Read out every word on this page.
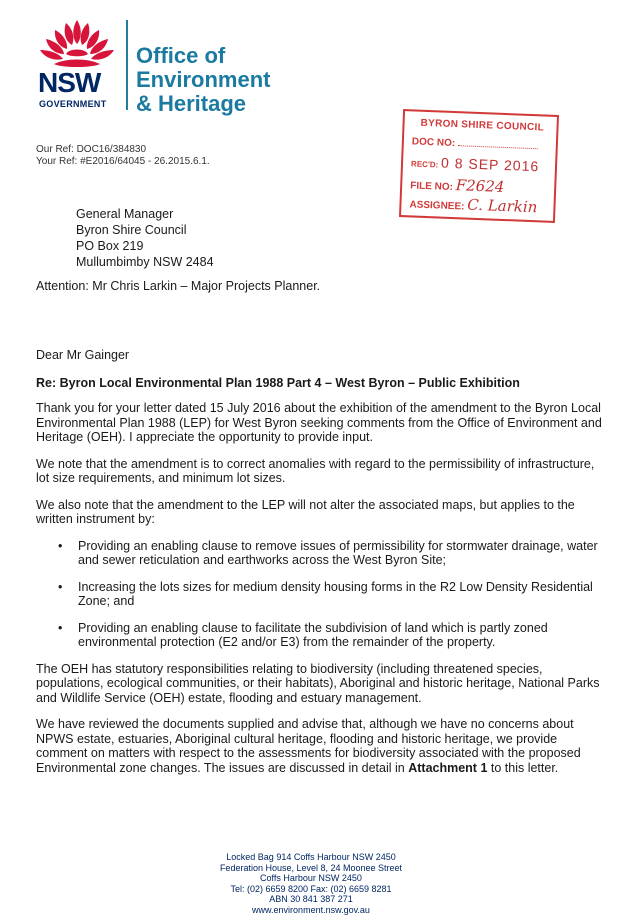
NSW
GOVERNMENT
Office of
Environment
& Heritage
BYRON SHIRE COUNCIL
DOC NO:
REC'D: 0 8 SEP 2016
FILE NO: F2624
ASSIGNEE: C. Larkin
Our Ref: DOC16/384830
Your Ref: #E2016/64045 - 26.2015.6.1.
General Manager
Byron Shire Council
PO Box 219
Mullumbimby NSW 2484
Attention: Mr Chris Larkin – Major Projects Planner.

Dear Mr Gainger

Re: Byron Local Environmental Plan 1988 Part 4 – West Byron – Public Exhibition

Thank you for your letter dated 15 July 2016 about the exhibition of the amendment to the Byron Local Environmental Plan 1988 (LEP) for West Byron seeking comments from the Office of Environment and Heritage (OEH). I appreciate the opportunity to provide input.

We note that the amendment is to correct anomalies with regard to the permissibility of infrastructure, lot size requirements, and minimum lot sizes.

We also note that the amendment to the LEP will not alter the associated maps, but applies to the written instrument by:

• Providing an enabling clause to remove issues of permissibility for stormwater drainage, water and sewer reticulation and earthworks across the West Byron Site;
• Increasing the lots sizes for medium density housing forms in the R2 Low Density Residential Zone; and
• Providing an enabling clause to facilitate the subdivision of land which is partly zoned environmental protection (E2 and/or E3) from the remainder of the property.

The OEH has statutory responsibilities relating to biodiversity (including threatened species, populations, ecological communities, or their habitats), Aboriginal and historic heritage, National Parks and Wildlife Service (OEH) estate, flooding and estuary management.

We have reviewed the documents supplied and advise that, although we have no concerns about NPWS estate, estuaries, Aboriginal cultural heritage, flooding and historic heritage, we provide comment on matters with respect to the assessments for biodiversity associated with the proposed Environmental zone changes. The issues are discussed in detail in Attachment 1 to this letter.

Locked Bag 914 Coffs Harbour NSW 2450
Federation House, Level 8, 24 Moonee Street
Coffs Harbour NSW 2450
Tel: (02) 6659 8200 Fax: (02) 6659 8281
ABN 30 841 387 271
www.environment.nsw.gov.au
